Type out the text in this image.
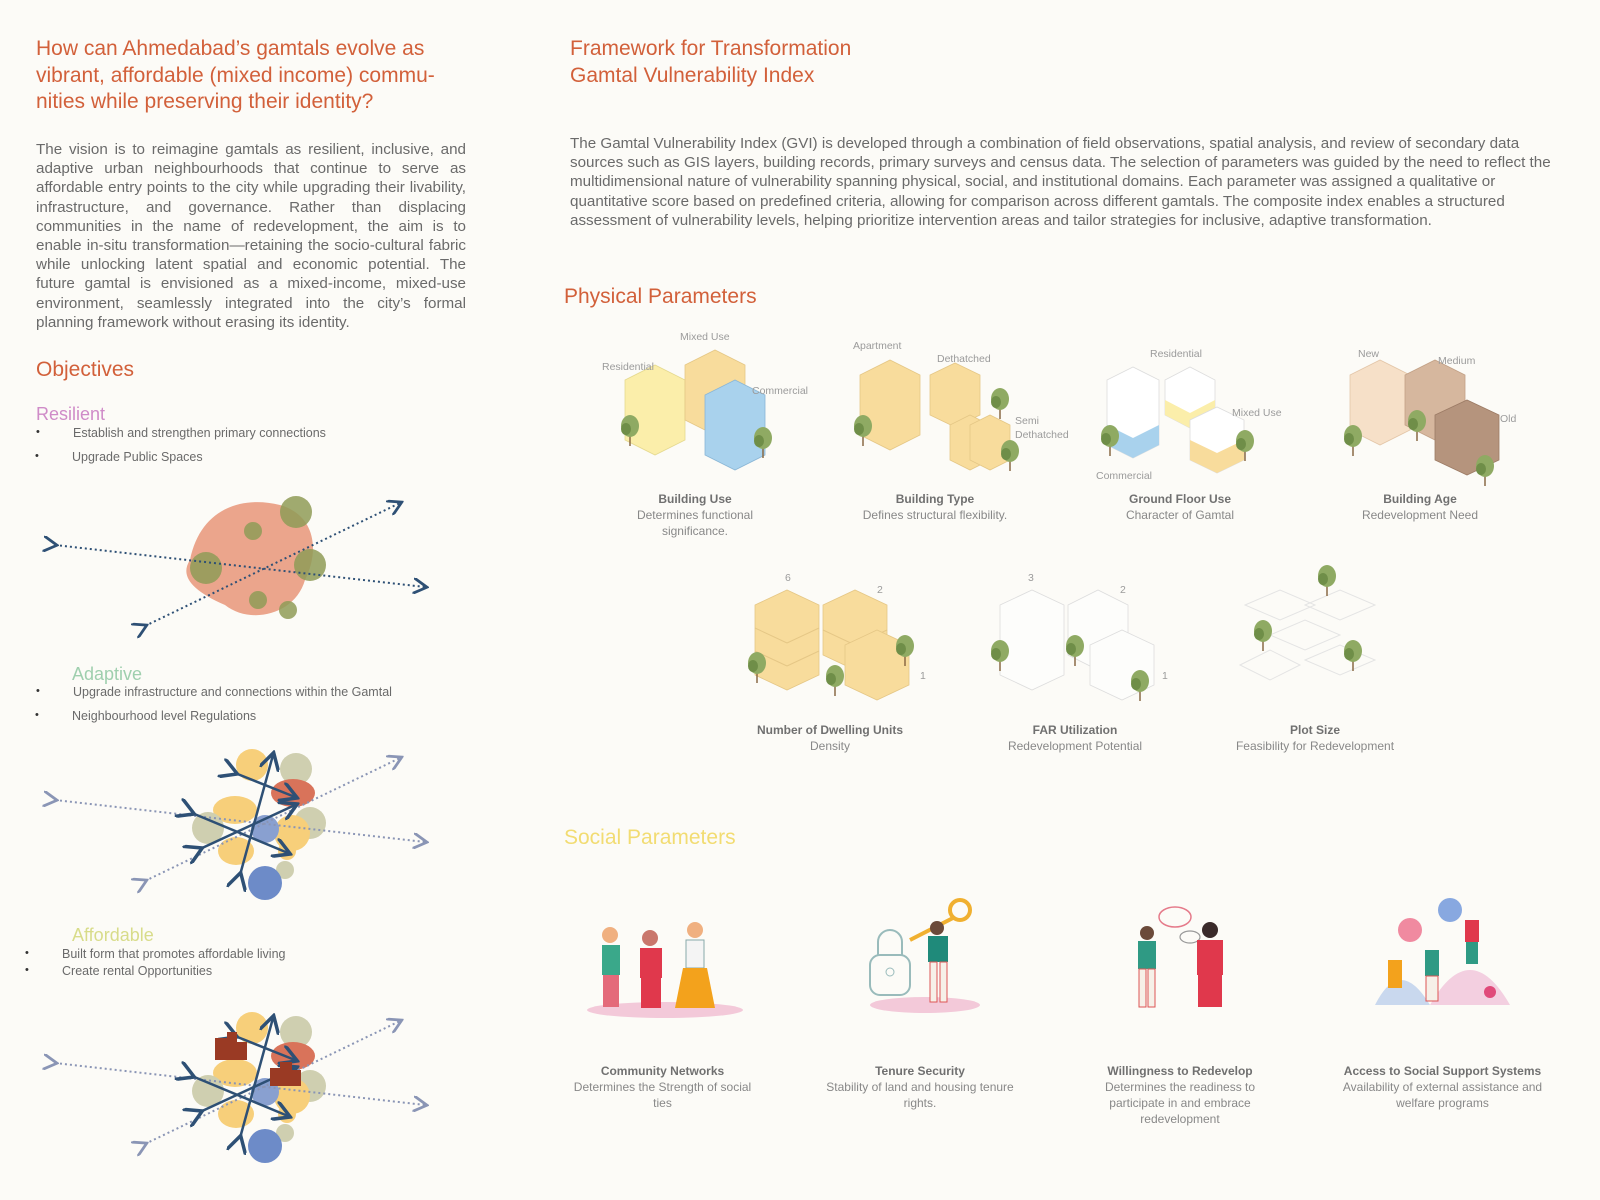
How can Ahmedabad’s gamtals evolve as vibrant, affordable (mixed income) commu-nities while preserving their identity?
The vision is to reimagine gamtals as resilient, inclusive, and adaptive urban neighbourhoods that continue to serve as affordable entry points to the city while upgrading their livability, infrastructure, and governance. Rather than displacing communities in the name of redevelopment, the aim is to enable in-situ transformation—retaining the socio-cultural fabric while unlocking latent spatial and economic potential. The future gamtal is envisioned as a mixed-income, mixed-use environment, seamlessly integrated into the city’s formal planning framework without erasing its identity.
Objectives
Resilient
• Establish and strengthen primary connections
• Upgrade Public Spaces
Adaptive
• Upgrade infrastructure and connections within the Gamtal
• Neighbourhood level Regulations
Affordable
• Built form that promotes affordable living
• Create rental Opportunities
Framework for Transformation
Gamtal Vulnerability Index
The Gamtal Vulnerability Index (GVI) is developed through a combination of field observations, spatial analysis, and review of secondary data sources such as GIS layers, building records, primary surveys and census data. The selection of parameters was guided by the need to reflect the multidimensional nature of vulnerability spanning physical, social, and institutional domains. Each parameter was assigned a qualitative or quantitative score based on predefined criteria, allowing for comparison across different gamtals. The composite index enables a structured assessment of vulnerability levels, helping prioritize intervention areas and tailor strategies for inclusive, adaptive transformation.
Physical Parameters
Mixed Use
Residential
Commercial
Building Use
Determines functional significance.
Apartment
Dethatched
Semi Dethatched
Building Type
Defines structural flexibility.
Residential
Mixed Use
Commercial
Ground Floor Use
Character of Gamtal
New
Medium
Old
Building Age
Redevelopment Need
6
2
1
Number of Dwelling Units
Density
3
2
1
FAR Utilization
Redevelopment Potential
Plot Size
Feasibility for Redevelopment
Social Parameters
Community Networks
Determines the Strength of social ties
Tenure Security
Stability of land and housing tenure rights.
Willingness to Redevelop
Determines the readiness to participate in and embrace redevelopment
Access to Social Support Systems
Availability of external assistance and welfare programs
